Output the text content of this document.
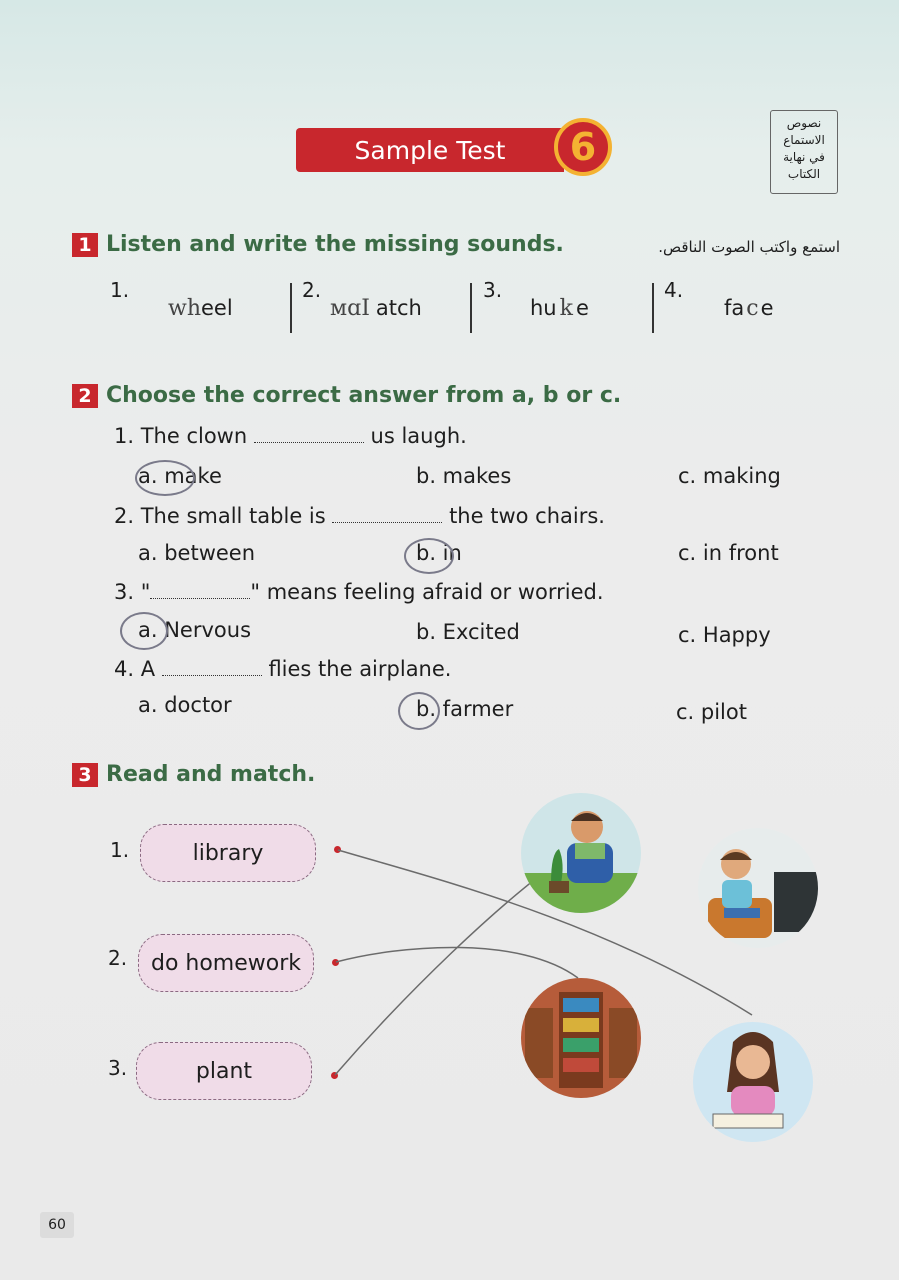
Sample Test 6
نصوص
الاستماع
في نهاية
الكتاب
1 Listen and write the missing sounds.	استمع واكتب الصوت الناقص.
1.
wheel
2.
ᴍɑI atch
3.
hu k e
4.
face
2 Choose the correct answer from a, b or c.
1. The clown	us laugh.
a. make	b. makes	c. making
2. The small table is	the two chairs.
a. between	b. in	c. in front
3. "	" means feeling afraid or worried.
a. Nervous	b. Excited	c. Happy
4. A	flies the airplane.
a. doctor	b. farmer	c. pilot
3 Read and match.
1.	library
2. do homework
3.	plant
60
